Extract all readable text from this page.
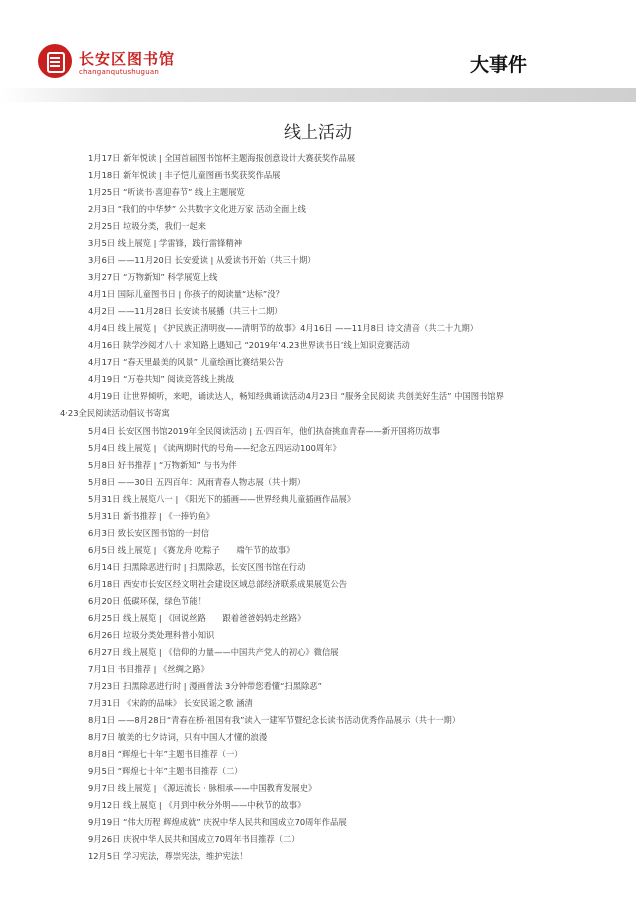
长安区图书馆
changanqutushuguan	大事件
线上活动
1月17日 新年悦读 | 全国首届图书馆杯主题海报创意设计大赛获奖作品展
1月18日 新年悦读 | 丰子恺儿童图画书奖获奖作品展
1月25日 “听读书·喜迎春节” 线上主题展览
2月3日 “我们的中华梦” 公共数字文化进万家 活动全面上线
2月25日 垃圾分类，我们一起来
3月5日 线上展览 | 学雷锋，践行雷锋精神
3月6日 ——11月20日 长安爱读 | 从爱读书开始（共三十期）
3月27日 “万物新知” 科学展览上线
4月1日 国际儿童图书日 | 你孩子的阅读量“达标”没？
4月2日 ——11月28日 长安读书展播（共三十二期）
4月4日 线上展览 | 《护民族正清明夜——清明节的故事》4月16日 ——11月8日 诗文清音（共二十九期）
4月16日 陕学沙阅才八十 求知路上遇知己 “2019年‘4.23世界读书日’线上知识竞赛活动
4月17日 “春天里最美的风景” 儿童绘画比赛结果公告
4月19日 “万卷共知” 阅读竞答线上挑战
4月19日 让世界倾听，来吧，诵读达人，畅知经典诵读活动4月23日 “服务全民阅读 共创美好生活” 中国图书馆界
4·23全民阅读活动倡议书寄寓
5月4日 长安区图书馆2019年全民阅读活动 | 五·四百年，他们执奋挑血青春——新开国将历故事
5月4日 线上展览 | 《读两期时代的号角——纪念五四运动100周年》
5月8日 好书推荐 | “万物新知” 与书为伴
5月8日 ——30日 五四百年：风雨青春人物志展（共十期）
5月31日 线上展览八一 | 《阳光下的插画——世界经典儿童插画作品展》
5月31日 新书推荐 | 《一捧钓鱼》
6月3日 致长安区图书馆的一封信
6月5日 线上展览 | 《赛龙舟 吃粽子　　端午节的故事》
6月14日 扫黑除恶进行时 | 扫黑除恶，长安区图书馆在行动
6月18日 西安市长安区经文明社会建设区域总部经济联系成果展览公告
6月20日 低碳环保，绿色节能！
6月25日 线上展览 | 《回说丝路　　跟着爸爸妈妈走丝路》
6月26日 垃圾分类处理科普小知识
6月27日 线上展览 | 《信仰的力量——中国共产党人的初心》微信展
7月1日 书目推荐 | 《丝绸之路》
7月23日 扫黑除恶进行时 | 漫画普法 3分钟带您看懂“扫黑除恶”
7月31日 《宋韵的品味》 长安民谣之歌 涵清
8月1日 ——8月28日“青春在桥·祖国有我”读入一建军节暨纪念长读书活动优秀作品展示（共十一期）
8月7日 敏美的七夕诗词，只有中国人才懂的浪漫
8月8日 “辉煌七十年”主题书目推荐（一）
9月5日 “辉煌七十年”主题书目推荐（二）
9月7日 线上展览 | 《源远流长 · 脉相承——中国教育发展史》
9月12日 线上展览 | 《月到中秋分外明——中秋节的故事》
9月19日 “伟大历程 辉煌成就” 庆祝中华人民共和国成立70周年作品展
9月26日 庆祝中华人民共和国成立70周年书目推荐（二）
12月5日 学习宪法，尊崇宪法，维护宪法！
